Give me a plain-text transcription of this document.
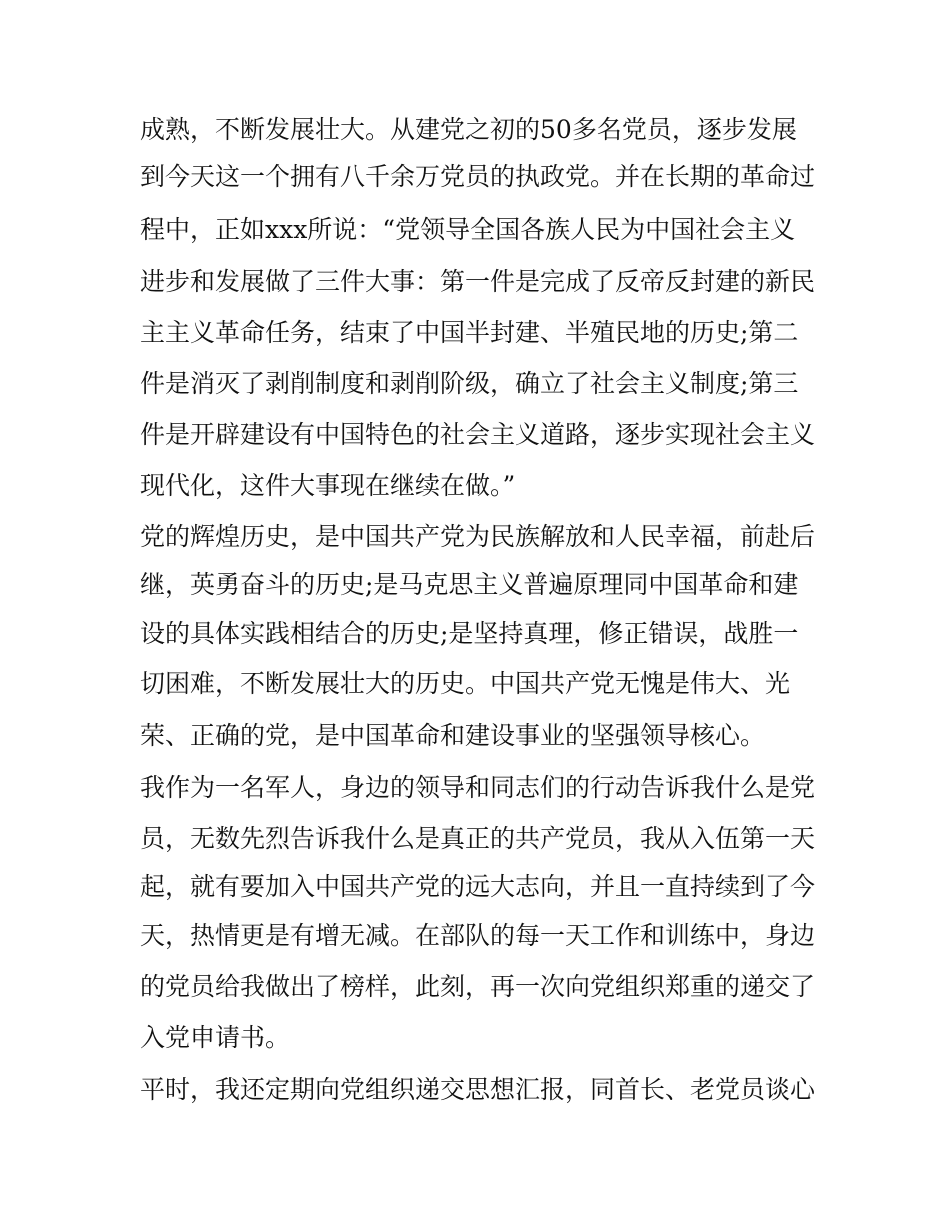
成熟，不断发展壮大。从建党之初的50多名党员，逐步发展
到今天这一个拥有八千余万党员的执政党。并在长期的革命过
程中，正如xxx所说：“党领导全国各族人民为中国社会主义
进步和发展做了三件大事：第一件是完成了反帝反封建的新民
主主义革命任务，结束了中国半封建、半殖民地的历史;第二
件是消灭了剥削制度和剥削阶级，确立了社会主义制度;第三
件是开辟建设有中国特色的社会主义道路，逐步实现社会主义
现代化，这件大事现在继续在做。”
党的辉煌历史，是中国共产党为民族解放和人民幸福，前赴后
继，英勇奋斗的历史;是马克思主义普遍原理同中国革命和建
设的具体实践相结合的历史;是坚持真理，修正错误，战胜一
切困难，不断发展壮大的历史。中国共产党无愧是伟大、光
荣、正确的党，是中国革命和建设事业的坚强领导核心。
我作为一名军人，身边的领导和同志们的行动告诉我什么是党
员，无数先烈告诉我什么是真正的共产党员，我从入伍第一天
起，就有要加入中国共产党的远大志向，并且一直持续到了今
天，热情更是有增无减。在部队的每一天工作和训练中，身边
的党员给我做出了榜样，此刻，再一次向党组织郑重的递交了
入党申请书。
平时，我还定期向党组织递交思想汇报，同首长、老党员谈心
